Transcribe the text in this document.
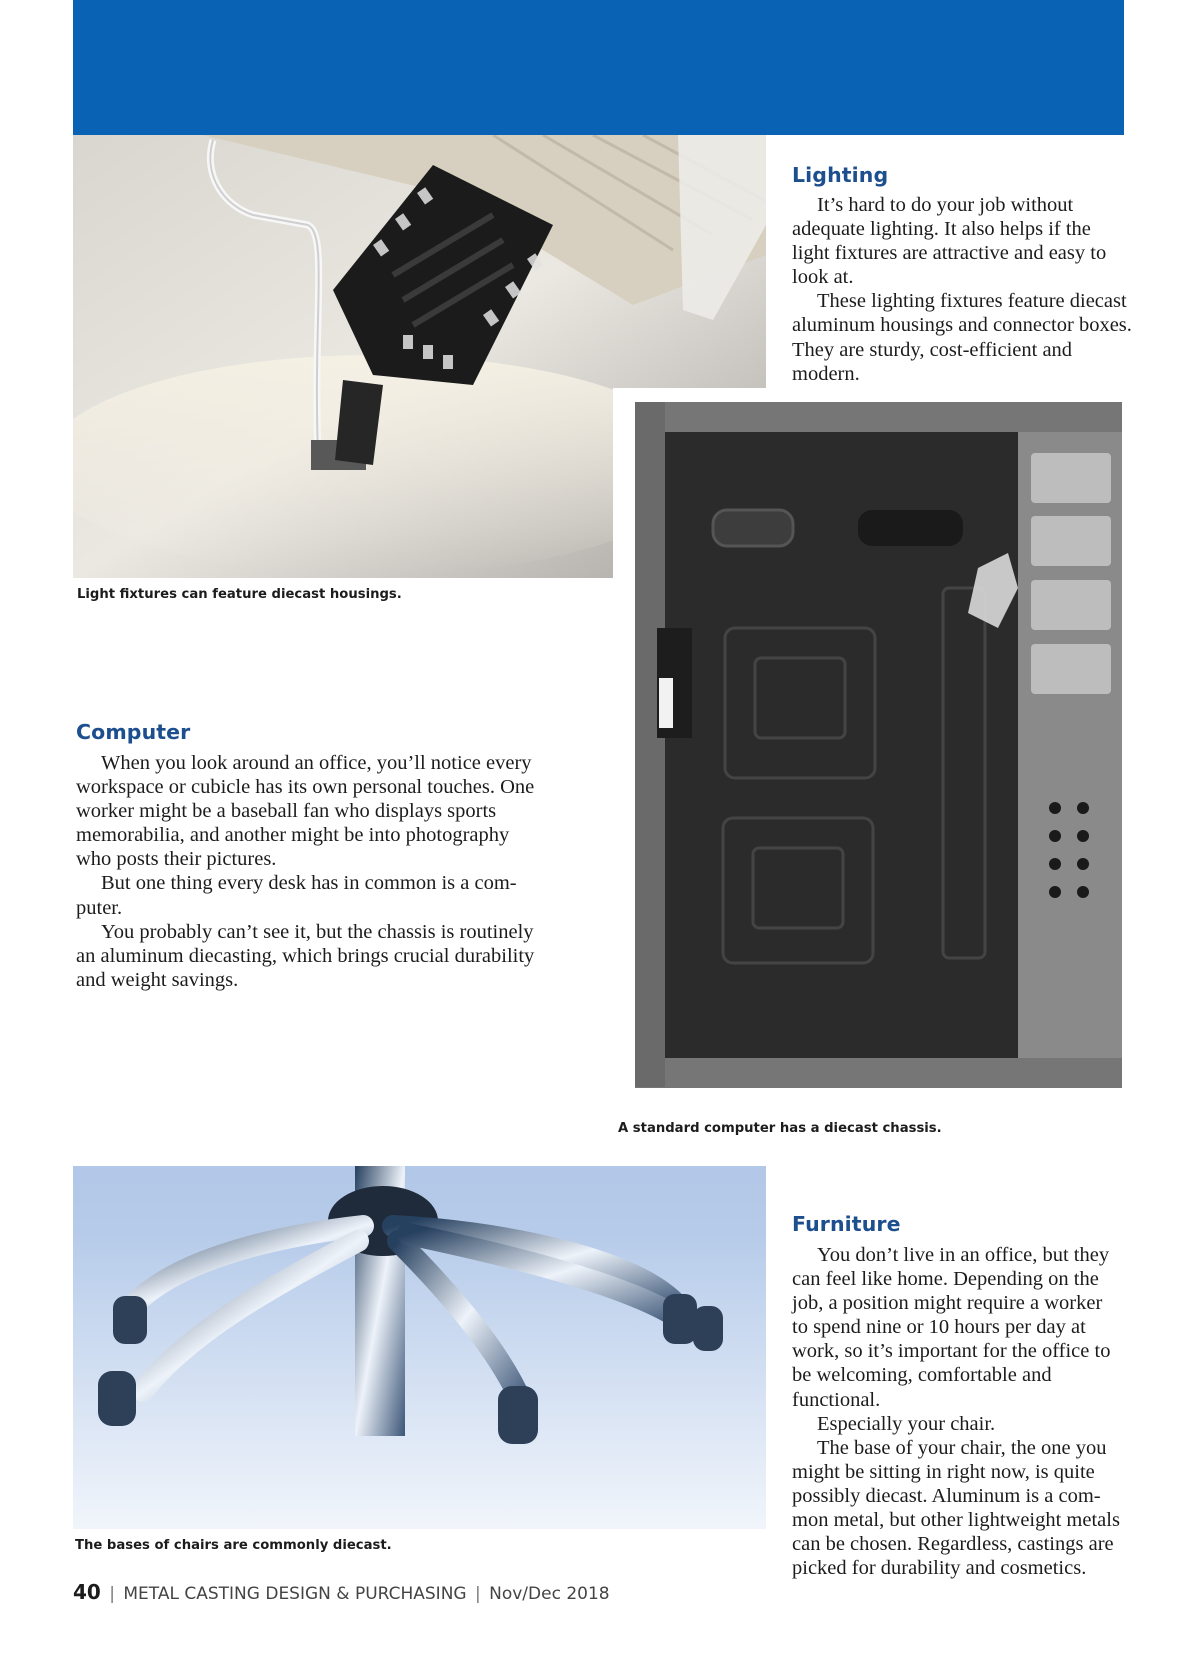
Lighting

It’s hard to do your job without adequate lighting. It also helps if the light fixtures are attractive and easy to look at.

These lighting fixtures feature diecast aluminum housings and connector boxes. They are sturdy, cost-efficient and modern.

Light fixtures can feature diecast housings.

Computer

When you look around an office, you’ll notice every workspace or cubicle has its own personal touches. One worker might be a baseball fan who displays sports memorabilia, and another might be into photography who posts their pictures.

But one thing every desk has in common is a computer.

You probably can’t see it, but the chassis is routinely an aluminum diecasting, which brings crucial durability and weight savings.

A standard computer has a diecast chassis.

Furniture

You don’t live in an office, but they can feel like home. Depending on the job, a position might require a worker to spend nine or 10 hours per day at work, so it’s important for the office to be welcoming, comfortable and functional.

Especially your chair.

The base of your chair, the one you might be sitting in right now, is quite possibly diecast. Aluminum is a common metal, but other lightweight metals can be chosen. Regardless, castings are picked for durability and cosmetics.

The bases of chairs are commonly diecast.

40 | METAL CASTING DESIGN & PURCHASING | Nov/Dec 2018
